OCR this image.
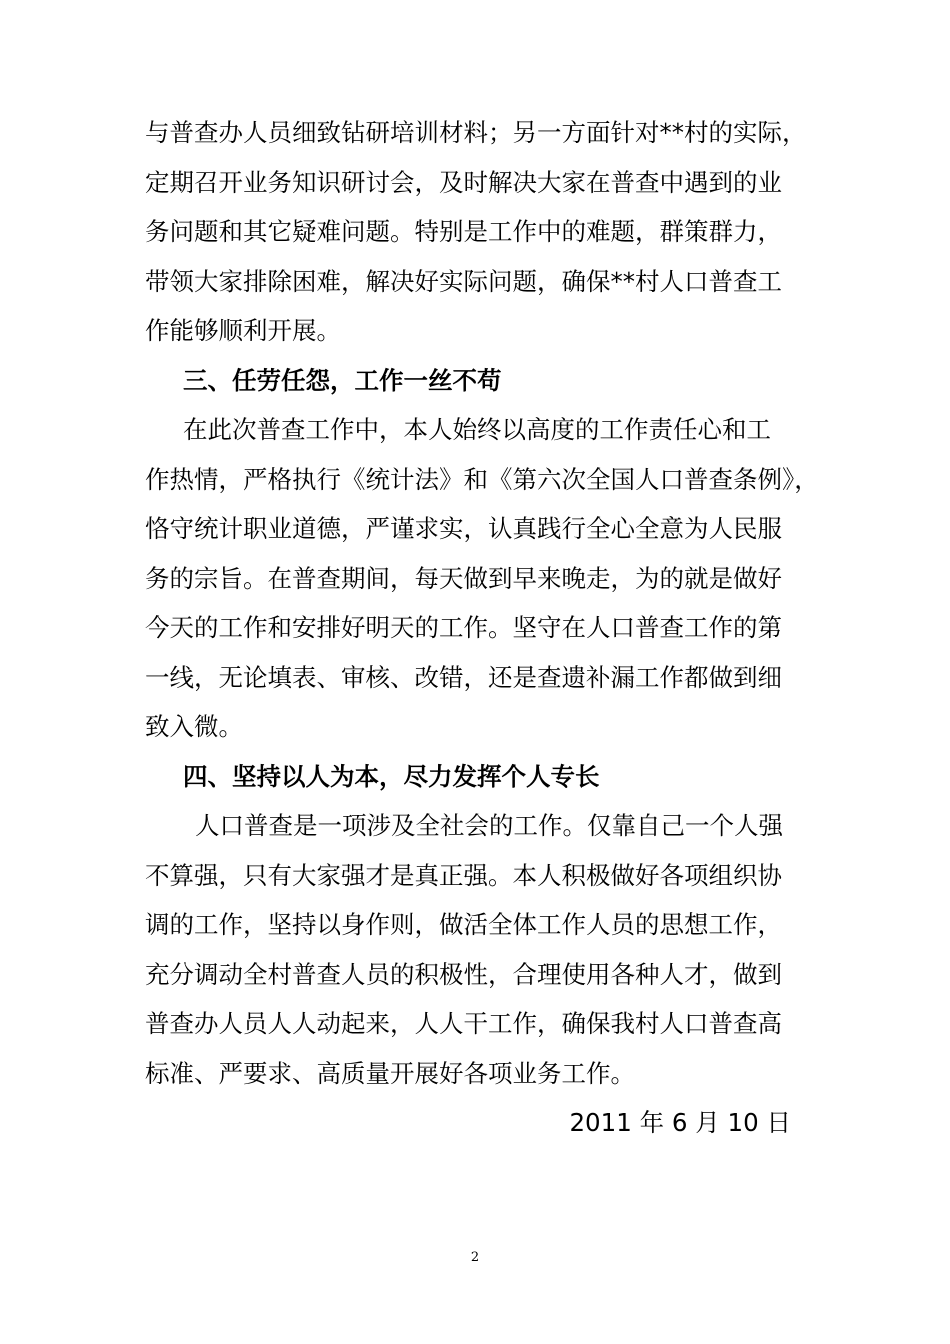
与普查办人员细致钻研培训材料；另一方面针对**村的实际，
定期召开业务知识研讨会，及时解决大家在普查中遇到的业
务问题和其它疑难问题。特别是工作中的难题，群策群力，
带领大家排除困难，解决好实际问题，确保**村人口普查工
作能够顺利开展。
三、任劳任怨，工作一丝不苟
在此次普查工作中，本人始终以高度的工作责任心和工
作热情，严格执行《统计法》和《第六次全国人口普查条例》，
恪守统计职业道德，严谨求实，认真践行全心全意为人民服
务的宗旨。在普查期间，每天做到早来晚走，为的就是做好
今天的工作和安排好明天的工作。坚守在人口普查工作的第
一线，无论填表、审核、改错，还是查遗补漏工作都做到细
致入微。
四、坚持以人为本，尽力发挥个人专长
人口普查是一项涉及全社会的工作。仅靠自己一个人强
不算强，只有大家强才是真正强。本人积极做好各项组织协
调的工作，坚持以身作则，做活全体工作人员的思想工作，
充分调动全村普查人员的积极性，合理使用各种人才，做到
普查办人员人人动起来，人人干工作，确保我村人口普查高
标准、严要求、高质量开展好各项业务工作。
2011 年 6 月 10 日
2
